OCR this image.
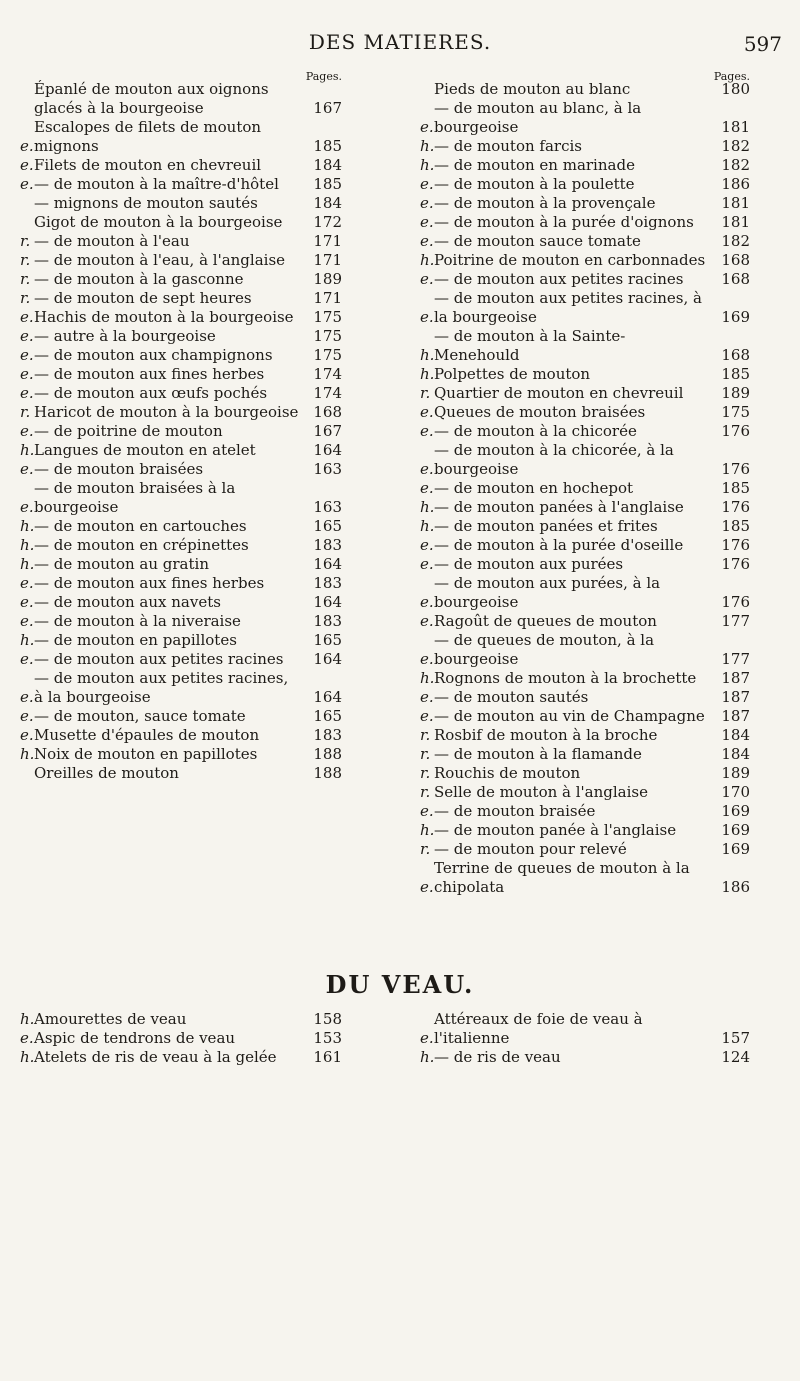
DES MATIERES.	597
Pages.
Épanlé de mouton aux oignons glacés à la bourgeoise	167
e.
Escalopes de filets de mouton mignons	185
e. Filets de mouton en chevreuil	184
e. — de mouton à la maître-d'hôtel	185
— mignons de mouton sautés	184
Gigot de mouton à la bourgeoise	172
r. — de mouton à l'eau	171
r. — de mouton à l'eau, à l'anglaise	171
r. — de mouton à la gasconne	189
r. — de mouton de sept heures	171
e. Hachis de mouton à la bourgeoise	175
e. — autre à la bourgeoise	175
e. — de mouton aux champignons	175
e. — de mouton aux fines herbes	174
e. — de mouton aux œufs pochés	174
r. Haricot de mouton à la bourgeoise 168
e. — de poitrine de mouton	167
h. Langues de mouton en atelet	164
e. — de mouton braisées	163
e.
— de mouton braisées à la bourgeoise	163
h. — de mouton en cartouches	165
h. — de mouton en crépinettes	183
h. — de mouton au gratin	164
e. — de mouton aux fines herbes	183
e. — de mouton aux navets	164
e. — de mouton à la niveraise	183
h. — de mouton en papillotes	165
e. — de mouton aux petites racines	164
e.
— de mouton aux petites racines, à la bourgeoise	164
e. — de mouton, sauce tomate	165
e. Musette d'épaules de mouton	183
h. Noix de mouton en papillotes	188
Oreilles de mouton	188
Pages.
Pieds de mouton au blanc	180
e.
— de mouton au blanc, à la bourgeoise	181
h. — de mouton farcis	182
h. — de mouton en marinade	182
e. — de mouton à la poulette	186
e. — de mouton à la provençale	181
e. — de mouton à la purée d'oignons	181
e. — de mouton sauce tomate	182
h. Poitrine de mouton en carbonnades	168
e. — de mouton aux petites racines	168
e.
— de mouton aux petites racines, à la bourgeoise	169
h.
— de mouton à la Sainte-Menehould	168
h. Polpettes de mouton	185
r. Quartier de mouton en chevreuil	189
e. Queues de mouton braisées	175
e. — de mouton à la chicorée	176
e.
— de mouton à la chicorée, à la bourgeoise	176
e. — de mouton en hochepot	185
h. — de mouton panées à l'anglaise	176
h. — de mouton panées et frites	185
e. — de mouton à la purée d'oseille	176
e. — de mouton aux purées	176
e.
— de mouton aux purées, à la bourgeoise	176
e. Ragoût de queues de mouton	177
e.
— de queues de mouton, à la bourgeoise	177
h. Rognons de mouton à la brochette	187
e. — de mouton sautés	187
e. — de mouton au vin de Champagne	187
r. Rosbif de mouton à la broche	184
r. — de mouton à la flamande	184
r. Rouchis de mouton	189
r. Selle de mouton à l'anglaise	170
e. — de mouton braisée	169
h. — de mouton panée à l'anglaise	169
r. — de mouton pour relevé	169
e.
Terrine de queues de mouton à la chipolata	186
DU VEAU.
h. Amourettes de veau	158
e. Aspic de tendrons de veau	153
h. Atelets de ris de veau à la gelée	161
e.
Attéreaux de foie de veau à l'italienne	157
h. — de ris de veau	124
